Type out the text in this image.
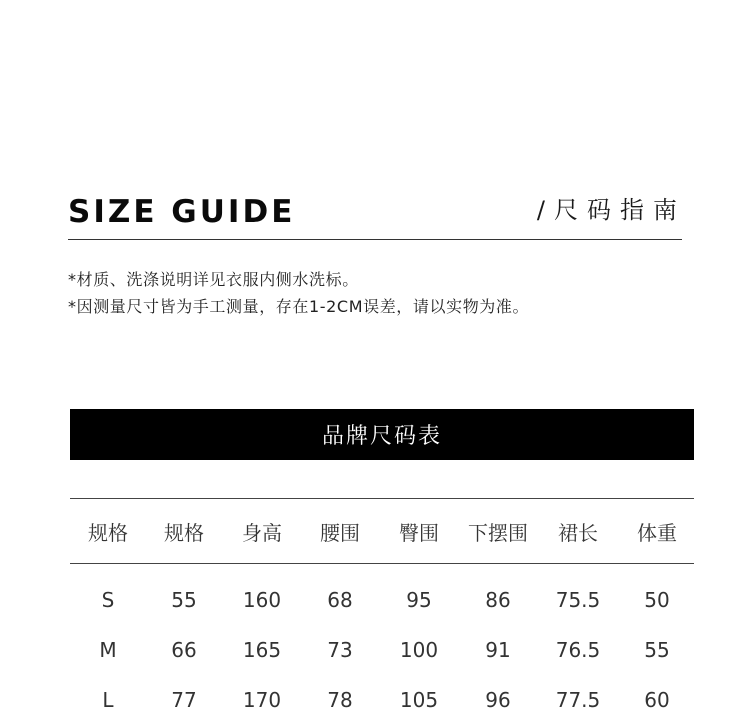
SIZE GUIDE	/尺码指南
*材质、洗涤说明详见衣服内侧水洗标。
*因测量尺寸皆为手工测量，存在1-2CM误差，请以实物为准。
品牌尺码表
规格	规格	身高	腰围	臀围	下摆围	裙长	体重
S	55	160	68	95	86	75.5	50
M	66	165	73	100	91	76.5	55
L	77	170	78	105	96	77.5	60
